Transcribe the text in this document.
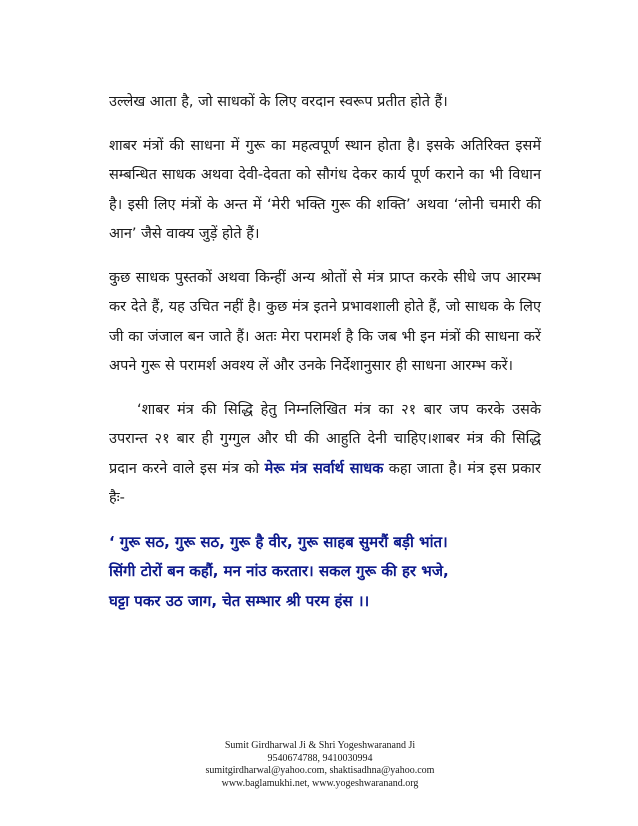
उल्लेख आता है, जो साधकों के लिए वरदान स्वरूप प्रतीत होते हैं।

शाबर मंत्रों की साधना में गुरू का महत्वपूर्ण स्थान होता है। इसके अतिरिक्त इसमें सम्बन्धित साधक अथवा देवी-देवता को सौगंध देकर कार्य पूर्ण कराने का भी विधान है। इसी लिए मंत्रों के अन्त में ‘मेरी भक्ति गुरू की शक्ति’ अथवा ‘लोनी चमारी की आन’ जैसे वाक्य जुड़ें होते हैं।

कुछ साधक पुस्तकों अथवा किन्हीं अन्य श्रोतों से मंत्र प्राप्त करके सीधे जप आरम्भ कर देते हैं, यह उचित नहीं है। कुछ मंत्र इतने प्रभावशाली होते हैं, जो साधक के लिए जी का जंजाल बन जाते हैं। अतः मेरा परामर्श है कि जब भी इन मंत्रों की साधना करें अपने गुरू से परामर्श अवश्य लें और उनके निर्देशानुसार ही साधना आरम्भ करें।

‘शाबर मंत्र की सिद्धि हेतु निम्नलिखित मंत्र का २१ बार जप करके उसके उपरान्त २१ बार ही गुग्गुल और घी की आहुति देनी चाहिए।शाबर मंत्र की सिद्धि प्रदान करने वाले इस मंत्र को मेरू मंत्र सर्वार्थ साधक कहा जाता है। मंत्र इस प्रकार हैः-

‘ गुरू सठ, गुरू सठ, गुरू है वीर, गुरू साहब सुमरौं बड़ी भांत।

सिंगी टोरों बन कहौं, मन नांउ करतार। सकल गुरू की हर भजे,

घट्टा पकर उठ जाग, चेत सम्भार श्री परम हंस ।।

Sumit Girdharwal Ji & Shri Yogeshwaranand Ji
9540674788, 9410030994
sumitgirdharwal@yahoo.com, shaktisadhna@yahoo.com
www.baglamukhi.net, www.yogeshwaranand.org
